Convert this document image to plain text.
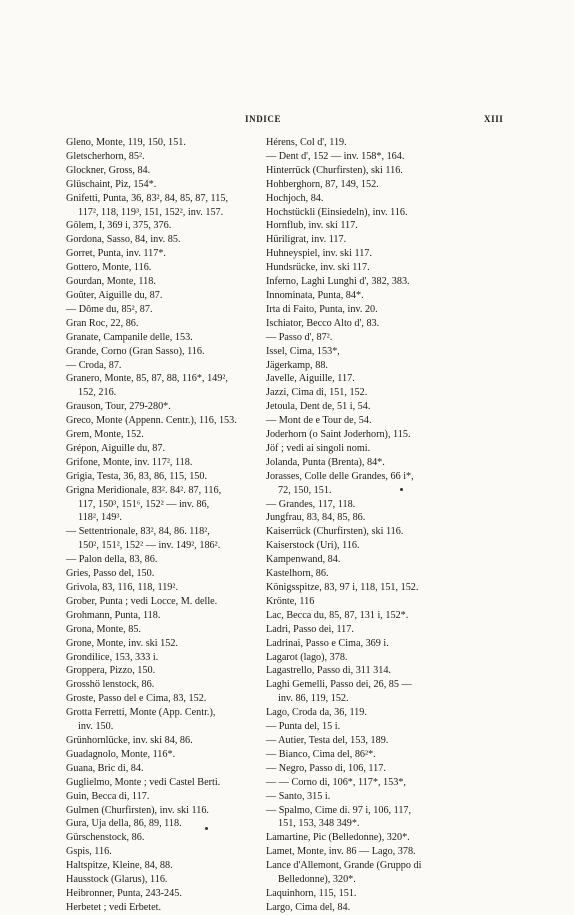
INDICE	XIII
Gleno, Monte, 119, 150, 151.
Gletscherhorn, 85².
Glockner, Gross, 84.
Glüschaint, Piz, 154*.
Gnifetti, Punta, 36, 83², 84, 85, 87, 115,
117², 118, 119³, 151, 152², inv. 157.
Gölem, I, 369 i, 375, 376.
Gordona, Sasso, 84, inv. 85.
Gorret, Punta, inv. 117*.
Gottero, Monte, 116.
Gourdan, Monte, 118.
Goûter, Aiguille du, 87.
— Dôme du, 85², 87.
Gran Roc, 22, 86.
Granate, Campanile delle, 153.
Grande, Corno (Gran Sasso), 116.
— Croda, 87.
Granero, Monte, 85, 87, 88, 116*, 149²,
152, 216.
Grauson, Tour, 279-280*.
Greco, Monte (Appenn. Centr.), 116, 153.
Grem, Monte, 152.
Grépon, Aiguille du, 87.
Grifone, Monte, inv. 117², 118.
Grigia, Testa, 36, 83, 86, 115, 150.
Grigna Meridionale, 83². 84². 87, 116,
117, 150³, 151⁶, 152² — inv. 86,
118², 149³.
— Settentrionale, 83², 84, 86. 118²,
150², 151², 152² — inv. 149², 186².
— Palon della, 83, 86.
Gries, Passo del, 150.
Grivola, 83, 116, 118, 119².
Grober, Punta ; vedi Locce, M. delle.
Grohmann, Punta, 118.
Grona, Monte, 85.
Grone, Monte, inv. ski 152.
Grondilice, 153, 333 i.
Groppera, Pizzo, 150.
Grosshö lenstock, 86.
Groste, Passo del e Cima, 83, 152.
Grotta Ferretti, Monte (App. Centr.),
inv. 150.
Grünhornlücke, inv. ski 84, 86.
Guadagnolo, Monte, 116*.
Guana, Bric di, 84.
Guglielmo, Monte ; vedi Castel Berti.
Guin, Becca di, 117.
Gulmen (Churfirsten), inv. ski 116.
Gura, Uja della, 86, 89, 118.
Gürschenstock, 86.
Gspis, 116.
Haltspitze, Kleine, 84, 88.
Hausstock (Glarus), 116.
Heibronner, Punta, 243-245.
Herbetet ; vedi Erbetet.
Hérens, Col d', 119.
— Dent d', 152 — inv. 158*, 164.
Hinterrück (Churfirsten), ski 116.
Hohberghorn, 87, 149, 152.
Hochjoch, 84.
Hochstückli (Einsiedeln), inv. 116.
Hornflub, inv. ski 117.
Hüriligrat, inv. 117.
Huhneyspiel, inv. ski 117.
Hundsrücke, inv. ski 117.
Inferno, Laghi Lunghi d', 382, 383.
Innominata, Punta, 84*.
Irta di Faito, Punta, inv. 20.
Ischiator, Becco Alto d', 83.
— Passo d', 87².
Issel, Cima, 153*,
Jägerkamp, 88.
Javelle, Aiguille, 117.
Jazzi, Cima di, 151, 152.
Jetoula, Dent de, 51 i, 54.
— Mont de e Tour de, 54.
Joderhorn (o Saint Joderhorn), 115.
Jöf ; vedi ai singoli nomi.
Jolanda, Punta (Brenta), 84*.
Jorasses, Colle delle Grandes, 66 i*,
72, 150, 151.
— Grandes, 117, 118.
Jungfrau, 83, 84, 85, 86.
Kaiserrück (Churfirsten), ski 116.
Kaiserstock (Uri), 116.
Kampenwand, 84.
Kastelhorn, 86.
Königsspitze, 83, 97 i, 118, 151, 152.
Krönte, 116
Lac, Becca du, 85, 87, 131 i, 152*.
Ladri, Passo dei, 117.
Ladrinai, Passo e Cima, 369 i.
Lagarot (lago), 378.
Lagastrello, Passo di, 311 314.
Laghi Gemelli, Passo dei, 26, 85 —
inv. 86, 119, 152.
Lago, Croda da, 36, 119.
— Punta del, 15 i.
— Autier, Testa del, 153, 189.
— Bianco, Cima del, 86²*.
— Negro, Passo di, 106, 117.
— — Corno di, 106*, 117*, 153*,
— Santo, 315 i.
— Spalmo, Cime di. 97 i, 106, 117,
151, 153, 348 349*.
Lamartine, Pic (Belledonne), 320*.
Lamet, Monte, inv. 86 — Lago, 378.
Lance d'Allemont, Grande (Gruppo di
Belledonne), 320*.
Laquinhorn, 115, 151.
Largo, Cima del, 84.
